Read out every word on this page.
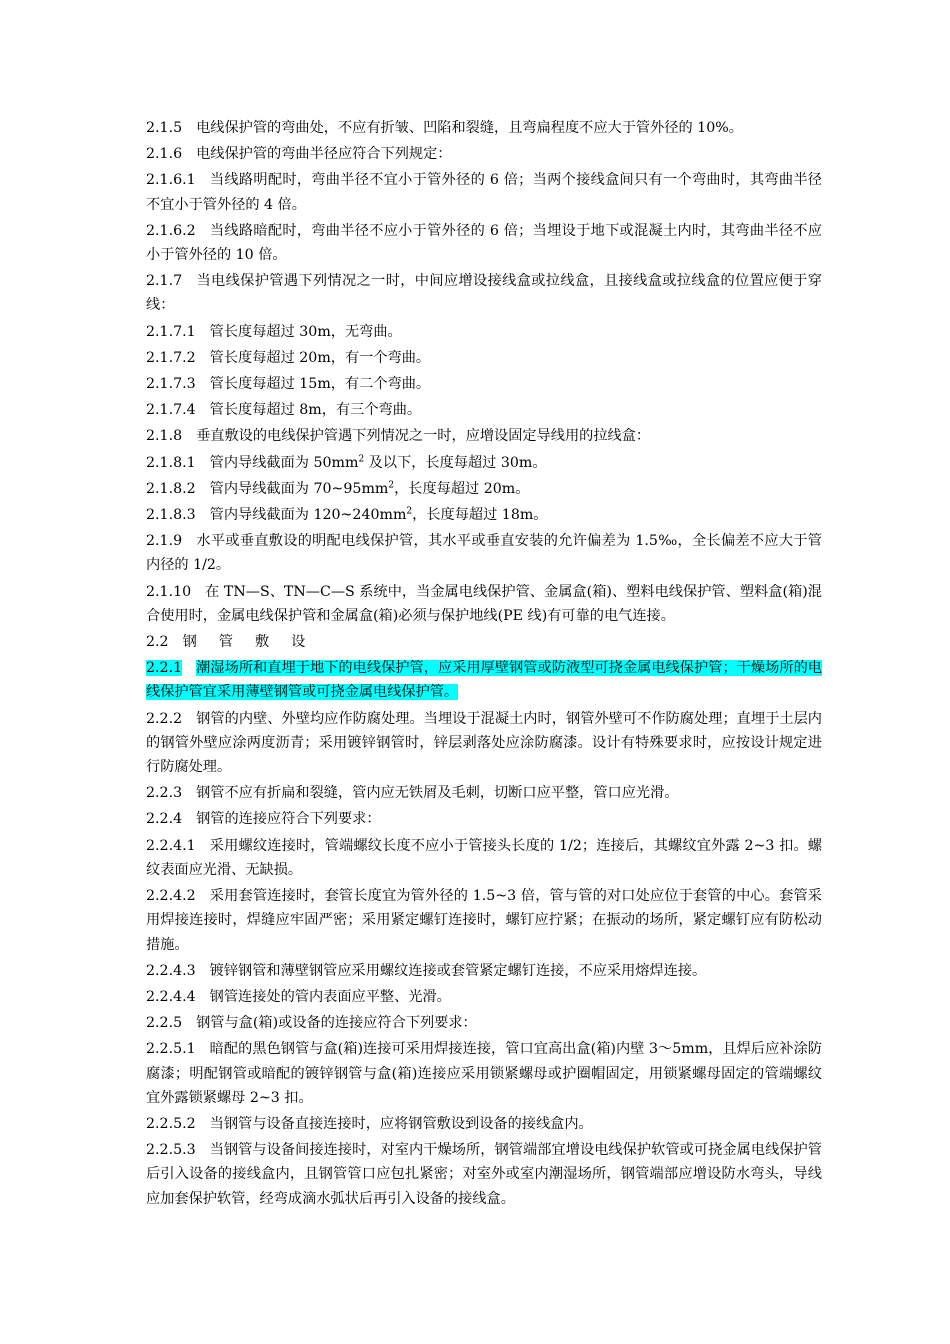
2.1.5 电线保护管的弯曲处，不应有折皱、凹陷和裂缝，且弯扁程度不应大于管外径的 10%。

2.1.6 电线保护管的弯曲半径应符合下列规定：

2.1.6.1 当线路明配时，弯曲半径不宜小于管外径的 6 倍；当两个接线盒间只有一个弯曲时，其弯曲半径不宜小于管外径的 4 倍。

2.1.6.2 当线路暗配时，弯曲半径不应小于管外径的 6 倍；当埋设于地下或混凝土内时，其弯曲半径不应小于管外径的 10 倍。

2.1.7 当电线保护管遇下列情况之一时，中间应增设接线盒或拉线盒，且接线盒或拉线盒的位置应便于穿线：

2.1.7.1 管长度每超过 30m，无弯曲。

2.1.7.2 管长度每超过 20m，有一个弯曲。

2.1.7.3 管长度每超过 15m，有二个弯曲。

2.1.7.4 管长度每超过 8m，有三个弯曲。

2.1.8 垂直敷设的电线保护管遇下列情况之一时，应增设固定导线用的拉线盒：

2.1.8.1 管内导线截面为 $50mm^2$ 及以下，长度每超过 30m。

2.1.8.2 管内导线截面为 $70\sim 95mm^2$，长度每超过 20m。

2.1.8.3 管内导线截面为 $120\sim 240mm^2$，长度每超过 18m。

2.1.9 水平或垂直敷设的明配电线保护管，其水平或垂直安装的允许偏差为 1.5‰，全长偏差不应大于管内径的 1/2。

2.1.10 在 TN—S、TN—C—S 系统中，当金属电线保护管、金属盒(箱)、塑料电线保护管、塑料盒(箱)混合使用时，金属电线保护管和金属盒(箱)必须与保护地线(PE 线)有可靠的电气连接。

2.2 钢管敷设

2.2.1 潮湿场所和直埋于地下的电线保护管，应采用厚壁钢管或防液型可挠金属电线保护管；干燥场所的电线保护管宜采用薄壁钢管或可挠金属电线保护管。

2.2.2 钢管的内壁、外壁均应作防腐处理。当埋设于混凝土内时，钢管外壁可不作防腐处理；直埋于土层内的钢管外壁应涂两度沥青；采用镀锌钢管时，锌层剥落处应涂防腐漆。设计有特殊要求时，应按设计规定进行防腐处理。

2.2.3 钢管不应有折扁和裂缝，管内应无铁屑及毛刺，切断口应平整，管口应光滑。

2.2.4 钢管的连接应符合下列要求：

2.2.4.1 采用螺纹连接时，管端螺纹长度不应小于管接头长度的 1/2；连接后，其螺纹宜外露 2~3 扣。螺纹表面应光滑、无缺损。

2.2.4.2 采用套管连接时，套管长度宜为管外径的 1.5~3 倍，管与管的对口处应位于套管的中心。套管采用焊接连接时，焊缝应牢固严密；采用紧定螺钉连接时，螺钉应拧紧；在振动的场所，紧定螺钉应有防松动措施。

2.2.4.3 镀锌钢管和薄壁钢管应采用螺纹连接或套管紧定螺钉连接，不应采用熔焊连接。

2.2.4.4 钢管连接处的管内表面应平整、光滑。

2.2.5 钢管与盒(箱)或设备的连接应符合下列要求：

2.2.5.1 暗配的黑色钢管与盒(箱)连接可采用焊接连接，管口宜高出盒(箱)内壁 3～5mm，且焊后应补涂防腐漆；明配钢管或暗配的镀锌钢管与盒(箱)连接应采用锁紧螺母或护圈帽固定，用锁紧螺母固定的管端螺纹宜外露锁紧螺母 2~3 扣。

2.2.5.2 当钢管与设备直接连接时，应将钢管敷设到设备的接线盒内。

2.2.5.3 当钢管与设备间接连接时，对室内干燥场所，钢管端部宜增设电线保护软管或可挠金属电线保护管后引入设备的接线盒内，且钢管管口应包扎紧密；对室外或室内潮湿场所，钢管端部应增设防水弯头，导线应加套保护软管，经弯成滴水弧状后再引入设备的接线盒。
